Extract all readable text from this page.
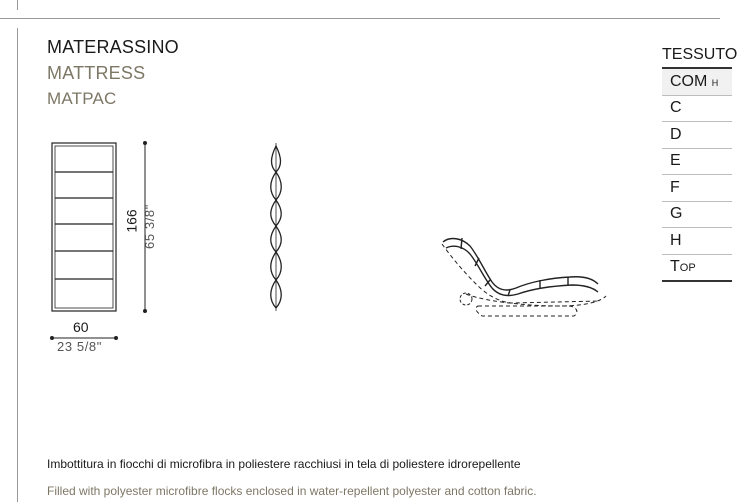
MATERASSINO
MATTRESS
MATPAC
166 65 3/8"
60
23 5/8"
TESSUTO
COM H
C
D
E
F
G
H
Top
Imbottitura in fiocchi di microfibra in poliestere racchiusi in tela di poliestere idrorepellente
Filled with polyester microfibre flocks enclosed in water-repellent polyester and cotton fabric.
